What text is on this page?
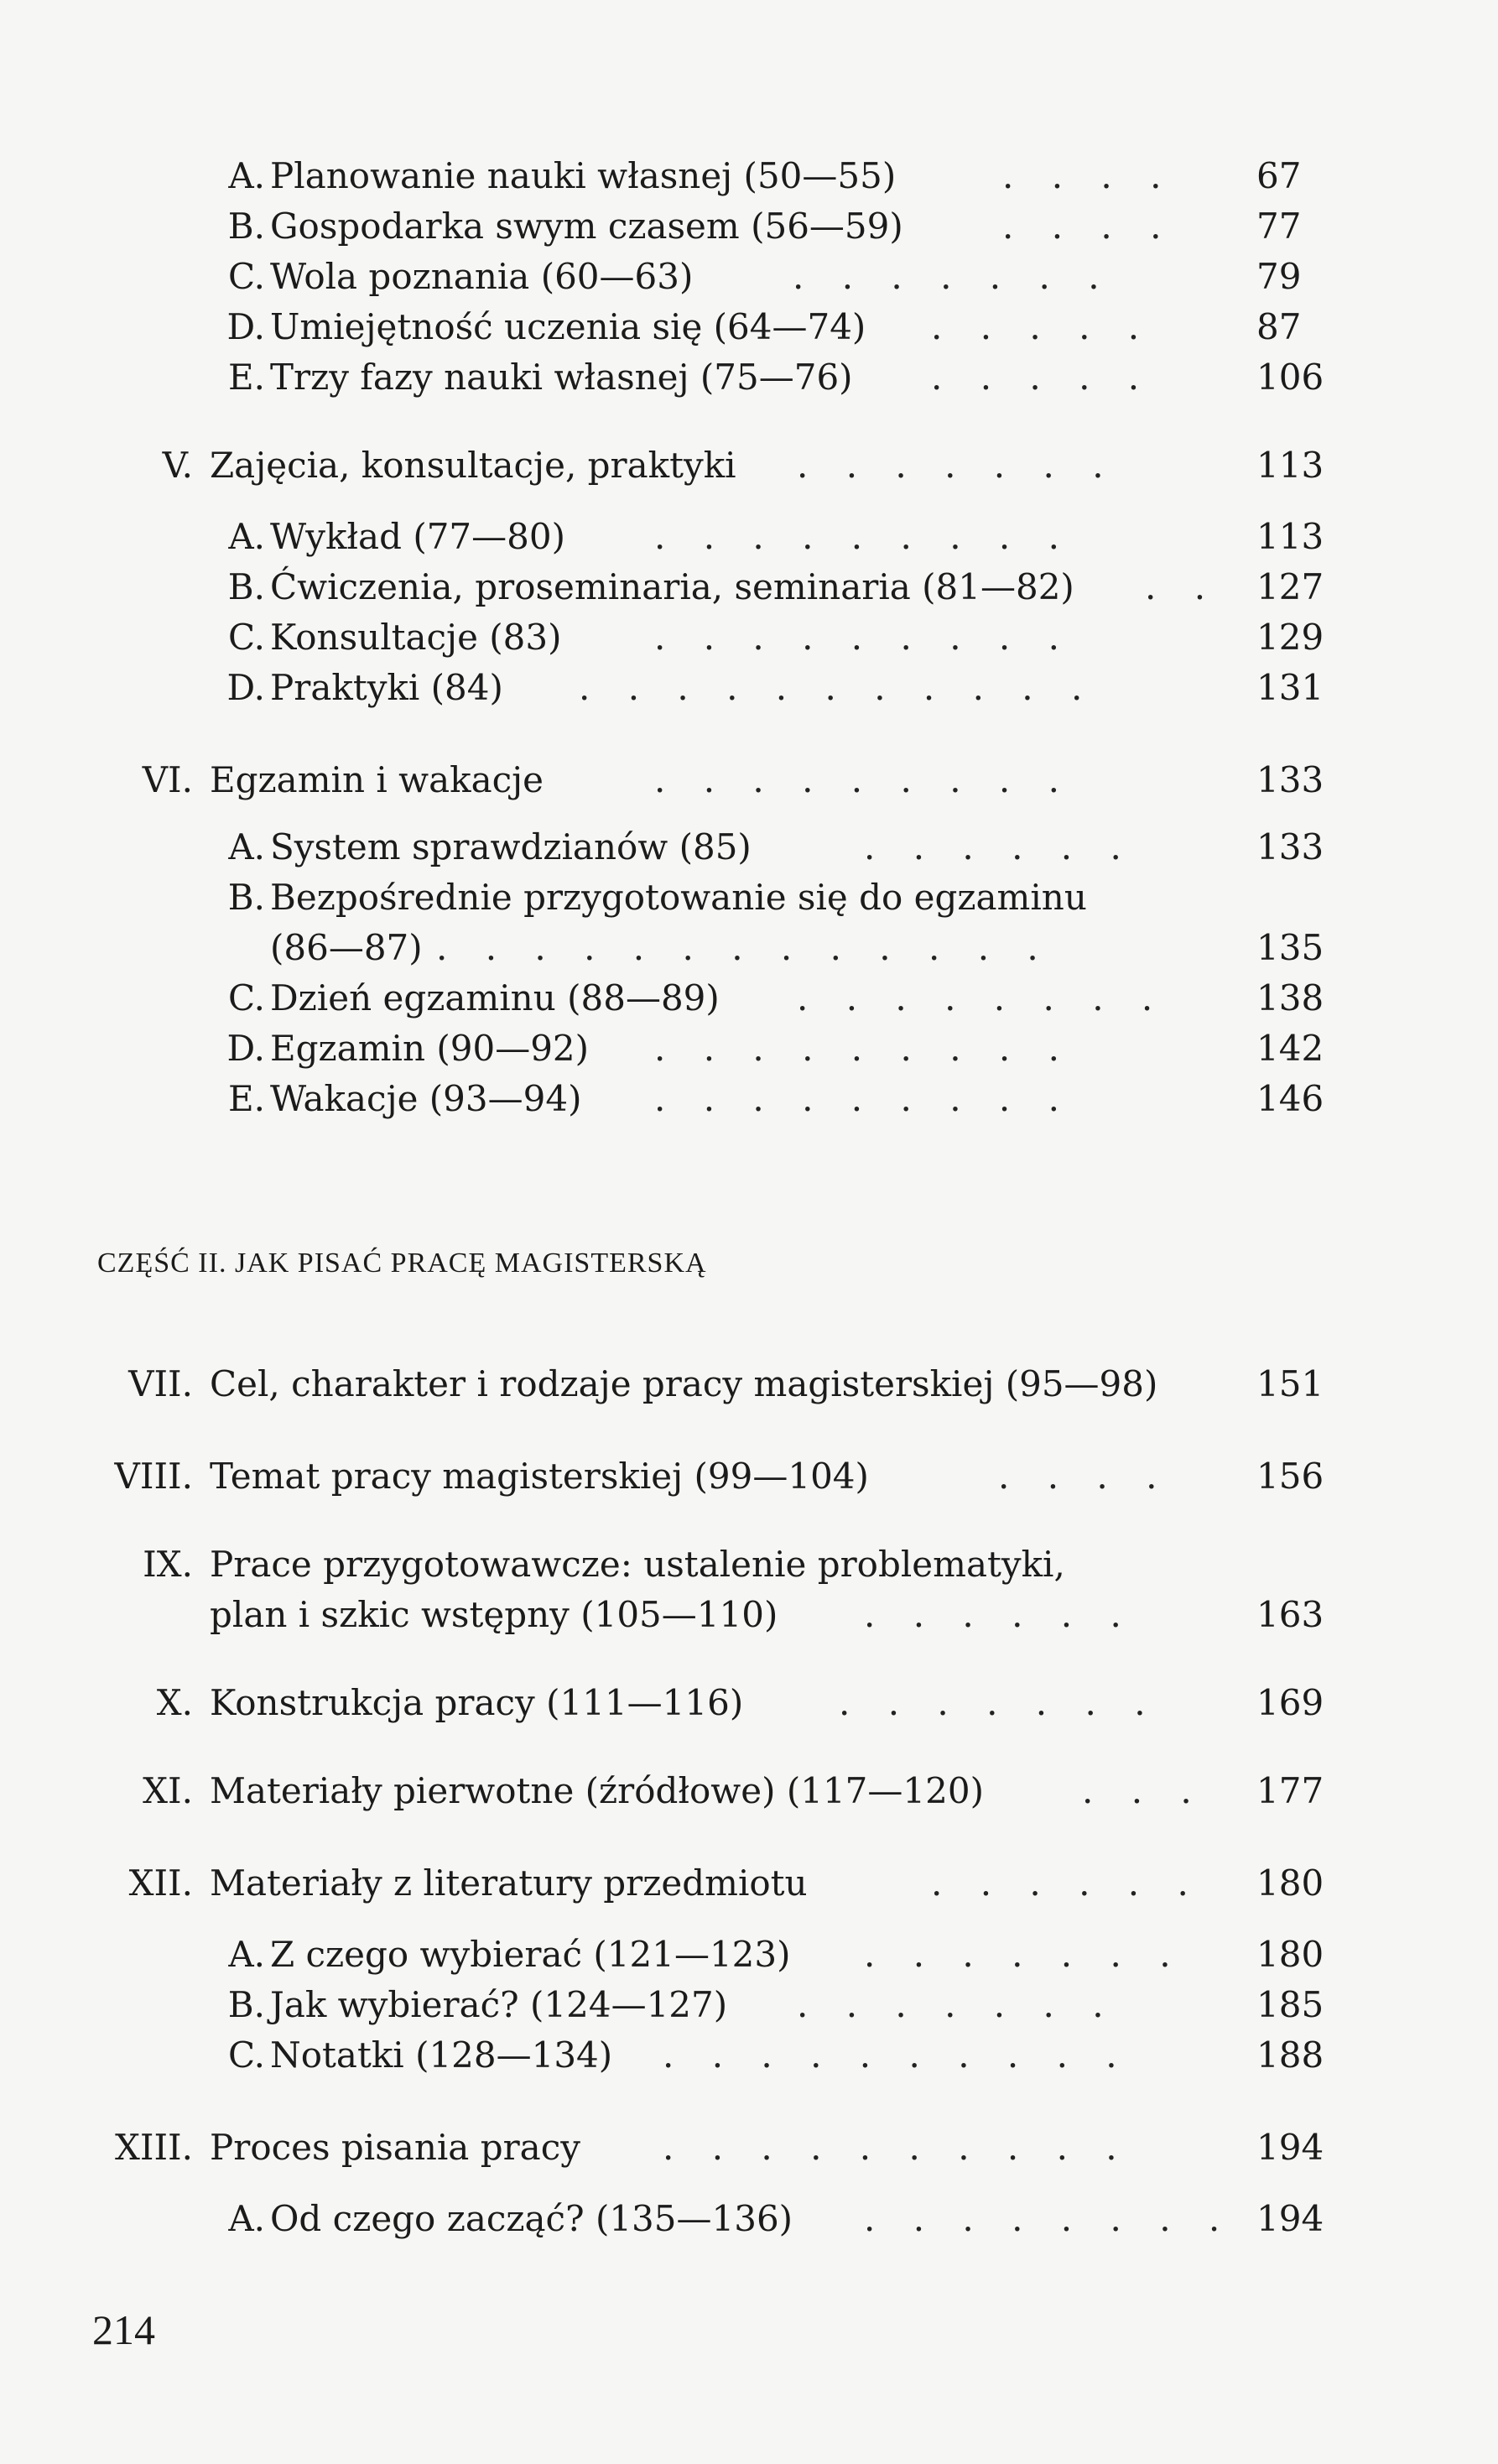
A. Planowanie nauki własnej (50—55)	. . . . 67
B. Gospodarka swym czasem (56—59)	. . . . 77
C. Wola poznania (60—63)	. . . . . . .	79
D. Umiejętność uczenia się (64—74) . . . . .	87
E. Trzy fazy nauki własnej (75—76) . . . . .	106
V. Zajęcia, konsultacje, praktyki . . . . . . .	113
A. Wykład (77—80)	. . . . . . . . .	113
B. Ćwiczenia, proseminaria, seminaria (81—82) . . 127
C. Konsultacje (83)	. . . . . . . . .	129
D. Praktyki (84) . . . . . . . . . . .	131
VI. Egzamin i wakacje	. . . . . . . . .	133
A. System sprawdzianów (85)	. . . . . .	133
B. Bezpośrednie przygotowanie się do egzaminu
(86—87) . . . . . . . . . . . . .	135
C. Dzień egzaminu (88—89) . . . . . . . .	138
D. Egzamin (90—92) . . . . . . . . .	142
E. Wakacje (93—94) . . . . . . . . .	146
CZĘŚĆ II. JAK PISAĆ PRACĘ MAGISTERSKĄ
VII. Cel, charakter i rodzaje pracy magisterskiej (95—98)	151
VIII. Temat pracy magisterskiej (99—104)	. . . . 156
IX. Prace przygotowawcze: ustalenie problematyki,
plan i szkic wstępny (105—110) . . . . . .	163
X. Konstrukcja pracy (111—116)	. . . . . . .	169
XI. Materiały pierwotne (źródłowe) (117—120)	. . . 177
XII. Materiały z literatury przedmiotu	. . . . . . 180
A. Z czego wybierać (121—123) . . . . . . . 180
B. Jak wybierać? (124—127) . . . . . . .	185
C. Notatki (128—134) . . . . . . . . . .	188
XIII. Proces pisania pracy . . . . . . . . . .	194
A. Od czego zacząć? (135—136) . . . . . . . . 194
214
